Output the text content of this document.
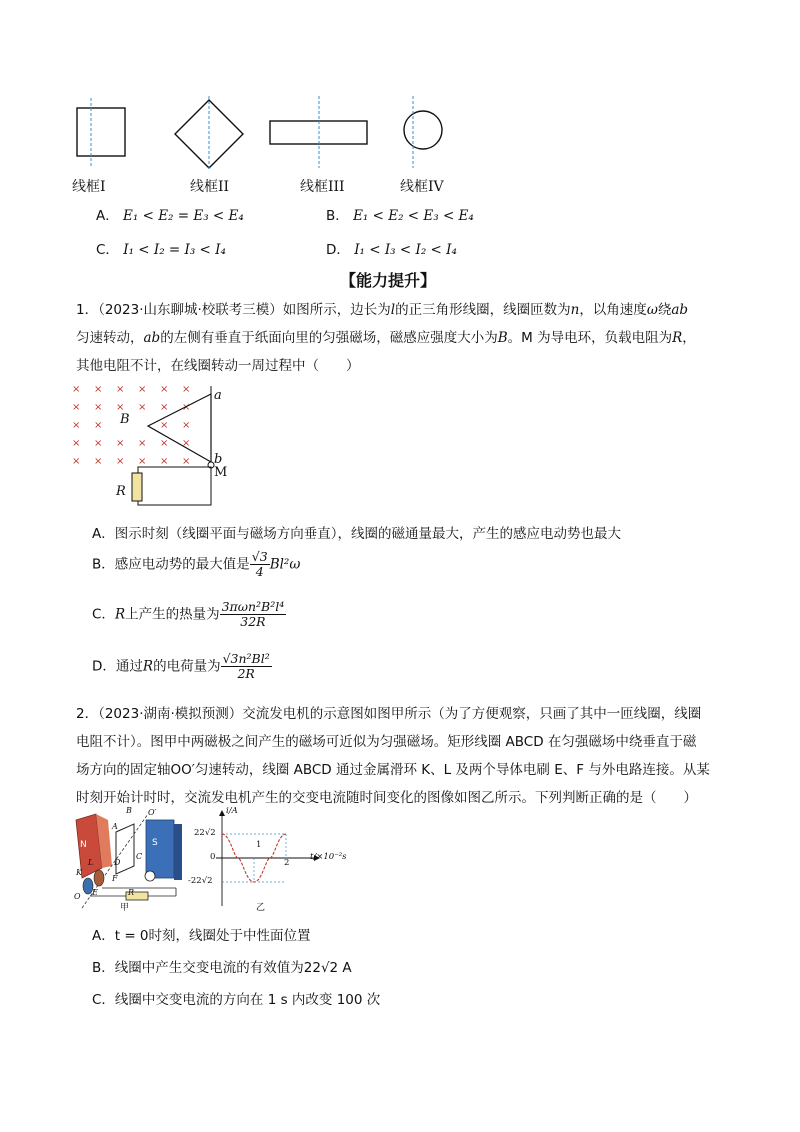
线框I	线框II	线框III	线框IV
A． E₁ < E₂ = E₃ < E₄	B． E₁ < E₂ < E₃ < E₄
C． I₁ < I₂ = I₃ < I₄	D． I₁ < I₃ < I₂ < I₄
【能力提升】
1．（2023·山东聊城·校联考三模）如图所示，边长为l的正三角形线圈，线圈匝数为n，以角速度ω绕ab
匀速转动，ab的左侧有垂直于纸面向里的匀强磁场，磁感应强度大小为B。M 为导电环，负载电阻为R，
其他电阻不计，在线圈转动一周过程中（　　）
× × × × × ×
× × × × × ×
× ×	× ×
× × × × × ×
× × × × × ×
a
B
b
M
R
A．图示时刻（线圈平面与磁场方向垂直），线圈的磁通量最大，产生的感应电动势也最大
B．感应电动势的最大值是 $\frac{√3}{4} Bl^2\omega$
C．R上产生的热量为 $\frac{\text{3πωn²B²l⁴}}{32R}$
D．通过R的电荷量为 $\frac{\text{√3n²Bl²}}{2R}$
2．（2023·湖南·模拟预测）交流发电机的示意图如图甲所示（为了方便观察，只画了其中一匝线圈，线圈
电阻不计）。图甲中两磁极之间产生的磁场可近似为匀强磁场。矩形线圈 ABCD 在匀强磁场中绕垂直于磁
场方向的固定轴OO′匀速转动，线圈 ABCD 通过金属滑环 K、L 及两个导体电刷 E、F 与外电路连接。从某
时刻开始计时时，交流发电机产生的交变电流随时间变化的图像如图乙所示。下列判断正确的是（　　）
N	S
B
A
O′
C
D
K
L
F
E
O	R
甲
i/A
22√2
0
-22√2
1
2
t/×10⁻²s
乙
A．t = 0时刻，线圈处于中性面位置
B．线圈中产生交变电流的有效值为22√2 A
C．线圈中交变电流的方向在 1 s 内改变 100 次
